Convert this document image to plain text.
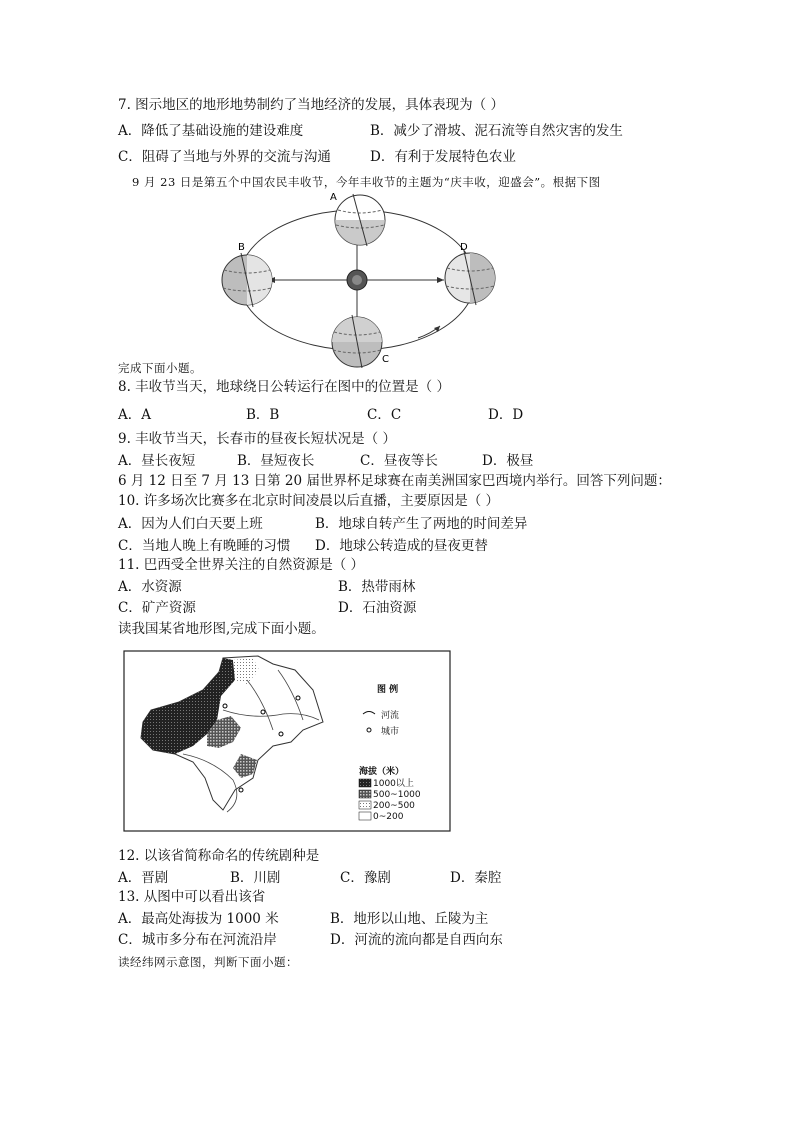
7. 图示地区的地形地势制约了当地经济的发展，具体表现为（ ）
A．降低了基础设施的建设难度	B．减少了滑坡、泥石流等自然灾害的发生
C．阻碍了当地与外界的交流与沟通	D．有利于发展特色农业
9 月 23 日是第五个中国农民丰收节，今年丰收节的主题为“庆丰收，迎盛会”。根据下图
A
B
C
D
完成下面小题。
8. 丰收节当天，地球绕日公转运行在图中的位置是（ ）
A．A	B．B	C．C	D．D
9. 丰收节当天，长春市的昼夜长短状况是（ ）
A．昼长夜短	B．昼短夜长	C．昼夜等长	D．极昼
6 月 12 日至 7 月 13 日第 20 届世界杯足球赛在南美洲国家巴西境内举行。回答下列问题：
10. 许多场次比赛多在北京时间凌晨以后直播，主要原因是（ ）
A．因为人们白天要上班	B．地球自转产生了两地的时间差异
C．当地人晚上有晚睡的习惯 D．地球公转造成的昼夜更替
11. 巴西受全世界关注的自然资源是（ ）
A．水资源	B．热带雨林
C．矿产资源	D．石油资源
读我国某省地形图,完成下面小题。
图 例
河流
城市
海拔（米）
1000以上
500~1000
200~500
0~200
12. 以该省简称命名的传统剧种是
A．晋剧	B．川剧	C．豫剧	D．秦腔
13. 从图中可以看出该省
A．最高处海拔为 1000 米	B．地形以山地、丘陵为主
C．城市多分布在河流沿岸	D．河流的流向都是自西向东
读经纬网示意图，判断下面小题：
